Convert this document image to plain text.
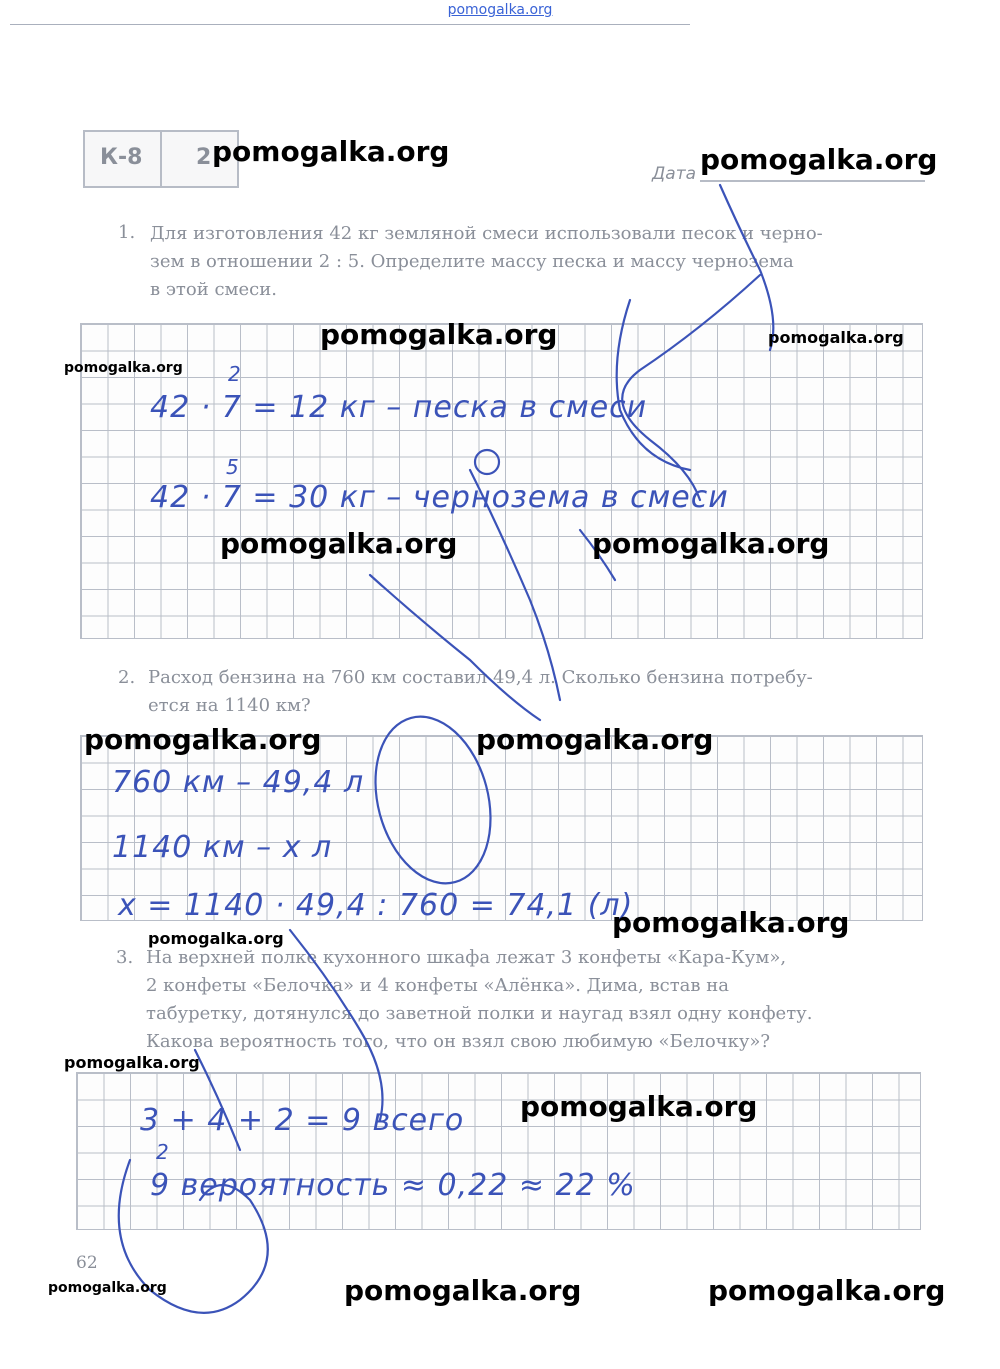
pomogalka.org
К-8 2
Дата
1. Для изготовления 42 кг земляной смеси использовали песок и черно-
зем в отношении 2 : 5. Определите массу песка и массу чернозема
в этой смеси.
2
42 · 7 = 12 кг – песка в смеси
5
42 · 7 = 30 кг – чернозема в смеси
2. Расход бензина на 760 км составил 49,4 л. Сколько бензина потребу-
ется на 1140 км?
760 км – 49,4 л
1140 км – x л
x = 1140 · 49,4 : 760 = 74,1 (л)
3. На верхней полке кухонного шкафа лежат 3 конфеты «Кара-Кум»,
2 конфеты «Белочка» и 4 конфеты «Алёнка». Дима, встав на
табуретку, дотянулся до заветной полки и наугад взял одну конфету.
Какова вероятность того, что он взял свою любимую «Белочку»?
3 + 4 + 2 = 9 всего
2
9 вероятность ≈ 0,22 ≈ 22 %
62
pomogalka.org	pomogalka.org
pomogalka.org	pomogalka.org
pomogalka.org
pomogalka.org	pomogalka.org
pomogalka.org	pomogalka.org
pomogalka.org
pomogalka.org
pomogalka.org
pomogalka.org
pomogalka.org	pomogalka.org	pomogalka.org
